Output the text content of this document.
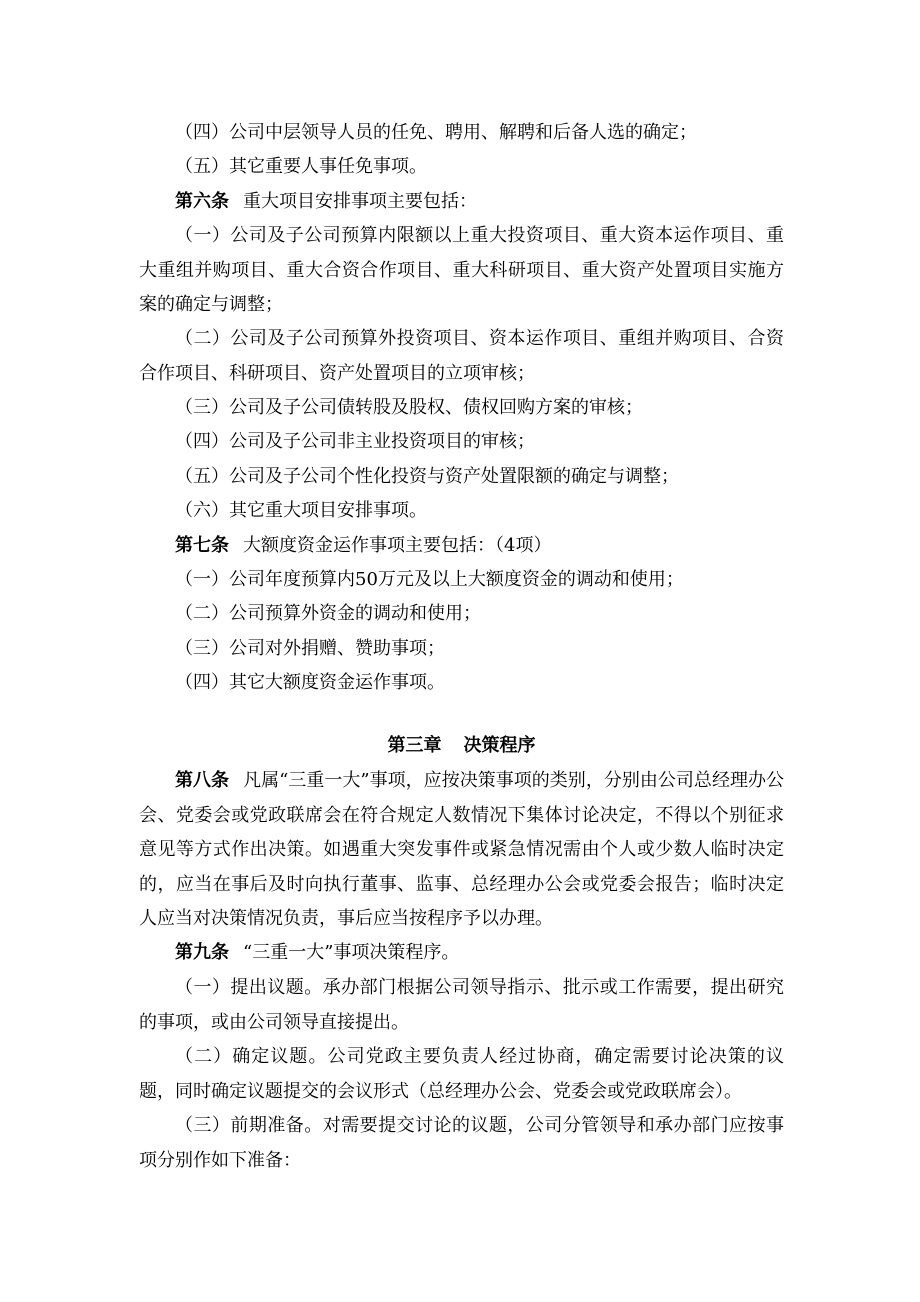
（四）公司中层领导人员的任免、聘用、解聘和后备人选的确定；

（五）其它重要人事任免事项。

第六条 重大项目安排事项主要包括：

（一）公司及子公司预算内限额以上重大投资项目、重大资本运作项目、重大重组并购项目、重大合资合作项目、重大科研项目、重大资产处置项目实施方案的确定与调整；

（二）公司及子公司预算外投资项目、资本运作项目、重组并购项目、合资合作项目、科研项目、资产处置项目的立项审核；

（三）公司及子公司债转股及股权、债权回购方案的审核；

（四）公司及子公司非主业投资项目的审核；

（五）公司及子公司个性化投资与资产处置限额的确定与调整；

（六）其它重大项目安排事项。

第七条 大额度资金运作事项主要包括：（4项）

（一）公司年度预算内50万元及以上大额度资金的调动和使用；

（二）公司预算外资金的调动和使用；

（三）公司对外捐赠、赞助事项；

（四）其它大额度资金运作事项。

第三章 决策程序

第八条 凡属“三重一大”事项，应按决策事项的类别，分别由公司总经理办公会、党委会或党政联席会在符合规定人数情况下集体讨论决定，不得以个别征求意见等方式作出决策。如遇重大突发事件或紧急情况需由个人或少数人临时决定的，应当在事后及时向执行董事、监事、总经理办公会或党委会报告；临时决定人应当对决策情况负责，事后应当按程序予以办理。

第九条 “三重一大”事项决策程序。

（一）提出议题。承办部门根据公司领导指示、批示或工作需要，提出研究的事项，或由公司领导直接提出。

（二）确定议题。公司党政主要负责人经过协商，确定需要讨论决策的议题，同时确定议题提交的会议形式（总经理办公会、党委会或党政联席会）。

（三）前期准备。对需要提交讨论的议题，公司分管领导和承办部门应按事项分别作如下准备：
